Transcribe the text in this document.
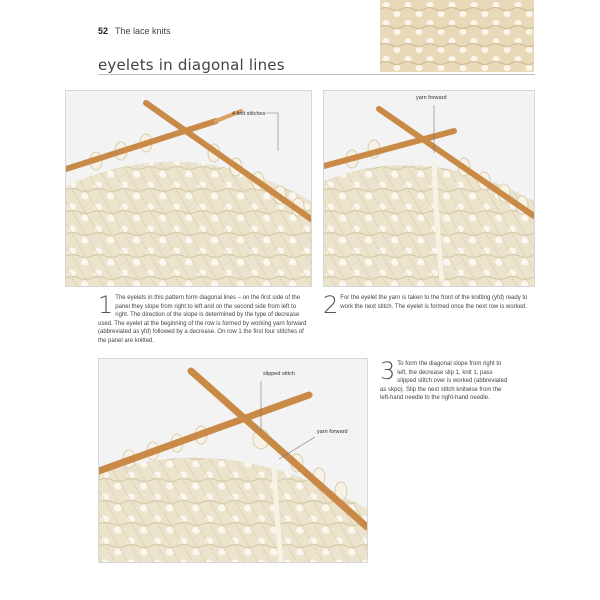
52 The lace knits
eyelets in diagonal lines
4 knit stitches
yarn forward
1 The eyelets in this pattern form diagonal lines – on the first side of the panel they slope from right to left and on the second side from left to right. The direction of the slope is determined by the type of decrease used. The eyelet at the beginning of the row is formed by working yarn forward (abbreviated as yfd) followed by a decrease. On row 1 the first four stitches of the panel are knitted.
2 For the eyelet the yarn is taken to the front of the knitting (yfd) ready to work the next stitch. The eyelet is formed once the next row is worked.
slipped stitch
yarn forward
3 To form the diagonal slope from right to left, the decrease slip 1, knit 1, pass slipped stitch over is worked (abbreviated as skpo). Slip the next stitch knitwise from the left-hand needle to the right-hand needle.
